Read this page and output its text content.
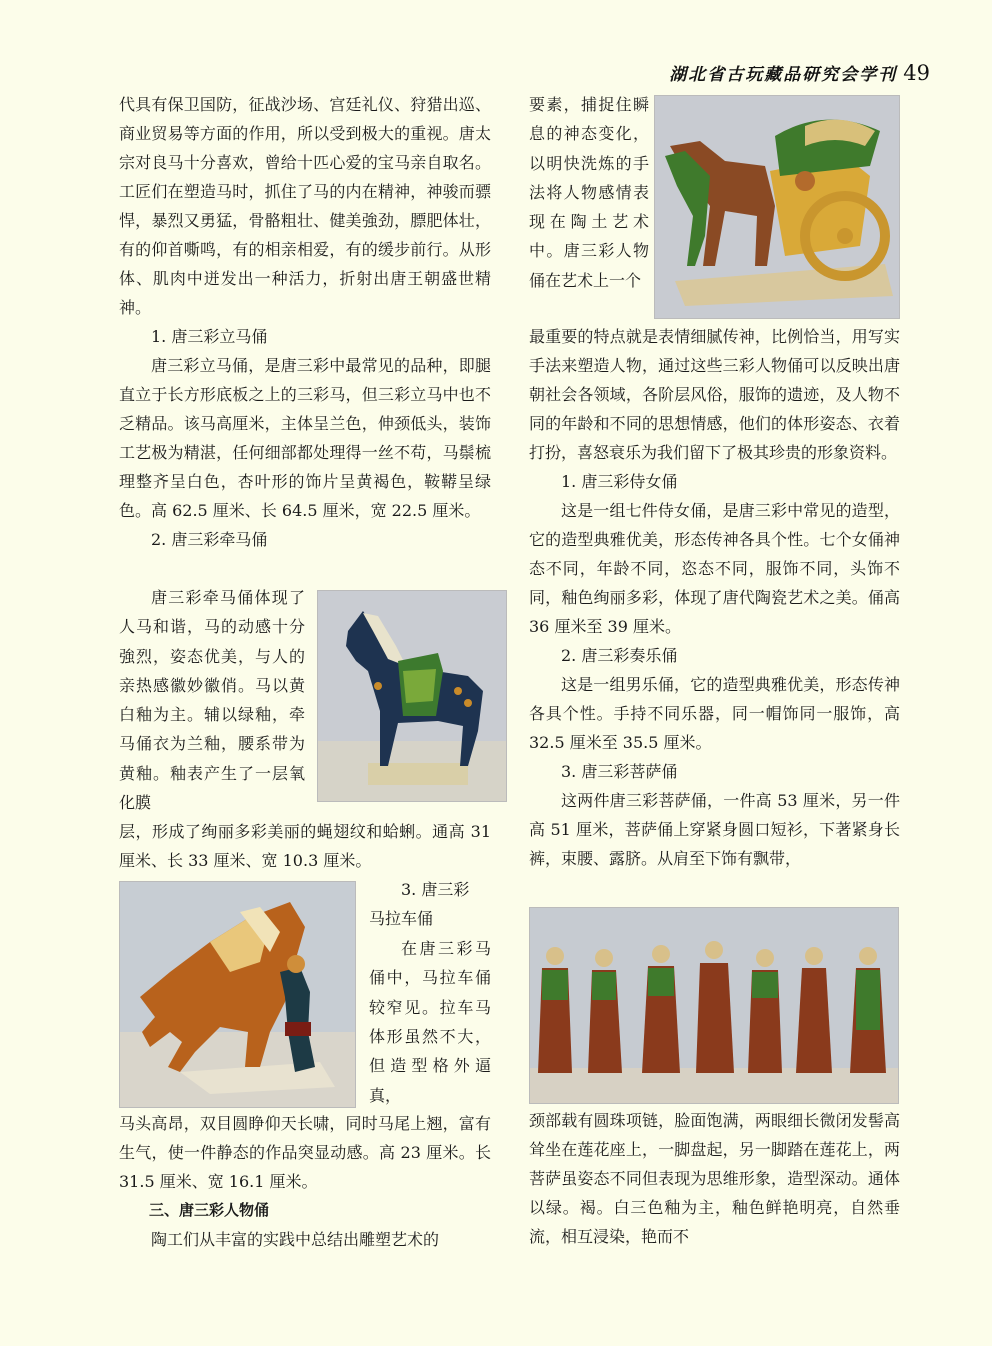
湖北省古玩藏品研究会学刊 49

代具有保卫国防，征战沙场、宫廷礼仪、狩猎出巡、商业贸易等方面的作用，所以受到极大的重视。唐太宗对良马十分喜欢，曾给十匹心爱的宝马亲自取名。工匠们在塑造马时，抓住了马的内在精神，神骏而骠悍，暴烈又勇猛，骨骼粗壮、健美強劲，膘肥体壮，有的仰首嘶鸣，有的相亲相爱，有的缓步前行。从形体、肌肉中迸发出一种活力，折射出唐王朝盛世精神。

1. 唐三彩立马俑

唐三彩立马俑，是唐三彩中最常见的品种，即腿直立于长方形底板之上的三彩马，但三彩立马中也不乏精品。该马高厘米，主体呈兰色，伸颈低头，装饰工艺极为精湛，任何细部都处理得一丝不苟，马鬃梳理整齐呈白色，杏叶形的饰片呈黄褐色，鞍鞯呈绿色。高 62.5 厘米、长 64.5 厘米，宽 22.5 厘米。

2. 唐三彩牵马俑

唐三彩牵马俑体现了人马和谐，马的动感十分強烈，姿态优美，与人的亲热感徽妙徽俏。马以黄白釉为主。辅以绿釉，牵马俑衣为兰釉，腰系带为黄釉。釉表产生了一层氧化膜

层，形成了绚丽多彩美丽的蝇翅纹和蛤蜊。通高 31 厘米、长 33 厘米、宽 10.3 厘米。

3. 唐三彩
马拉车俑
在唐三彩马俑中，马拉车俑较窄见。拉车马体形虽然不大，但造型格外逼真，

马头高昂，双目圆睁仰天长啸，同时马尾上翘，富有生气，使一件静态的作品突显动感。高 23 厘米。长 31.5 厘米、宽 16.1 厘米。

三、唐三彩人物俑

陶工们从丰富的实践中总结出雕塑艺术的

要素，捕捉住瞬息的神态变化，以明快洗炼的手法将人物感情表现在陶土艺术中。唐三彩人物俑在艺术上一个

最重要的特点就是表情细腻传神，比例恰当，用写实手法来塑造人物，通过这些三彩人物俑可以反映出唐朝社会各领域，各阶层风俗，服饰的遗迹，及人物不同的年龄和不同的思想情感，他们的体形姿态、衣着打扮，喜怒衰乐为我们留下了极其珍贵的形象资料。

1. 唐三彩侍女俑

这是一组七件侍女俑，是唐三彩中常见的造型，它的造型典雅优美，形态传神各具个性。七个女俑神态不同，年龄不同，恣态不同，服饰不同，头饰不同，釉色绚丽多彩，体现了唐代陶瓷艺术之美。俑高 36 厘米至 39 厘米。

2. 唐三彩奏乐俑

这是一组男乐俑，它的造型典雅优美，形态传神各具个性。手持不同乐器，同一帽饰同一服饰，高 32.5 厘米至 35.5 厘米。

3. 唐三彩菩萨俑

这两件唐三彩菩萨俑，一件高 53 厘米，另一件高 51 厘米，菩萨俑上穿紧身圆口短衫，下著紧身长裤，束腰、露脐。从肩至下饰有飘带，

颈部载有圆珠项链，脸面饱满，两眼细长微闭发髻高耸坐在莲花座上，一脚盘起，另一脚踏在莲花上，两菩萨虽姿态不同但表现为思维形象，造型深动。通体以绿。褐。白三色釉为主，釉色鲜艳明亮，自然垂流，相互浸染，艳而不
